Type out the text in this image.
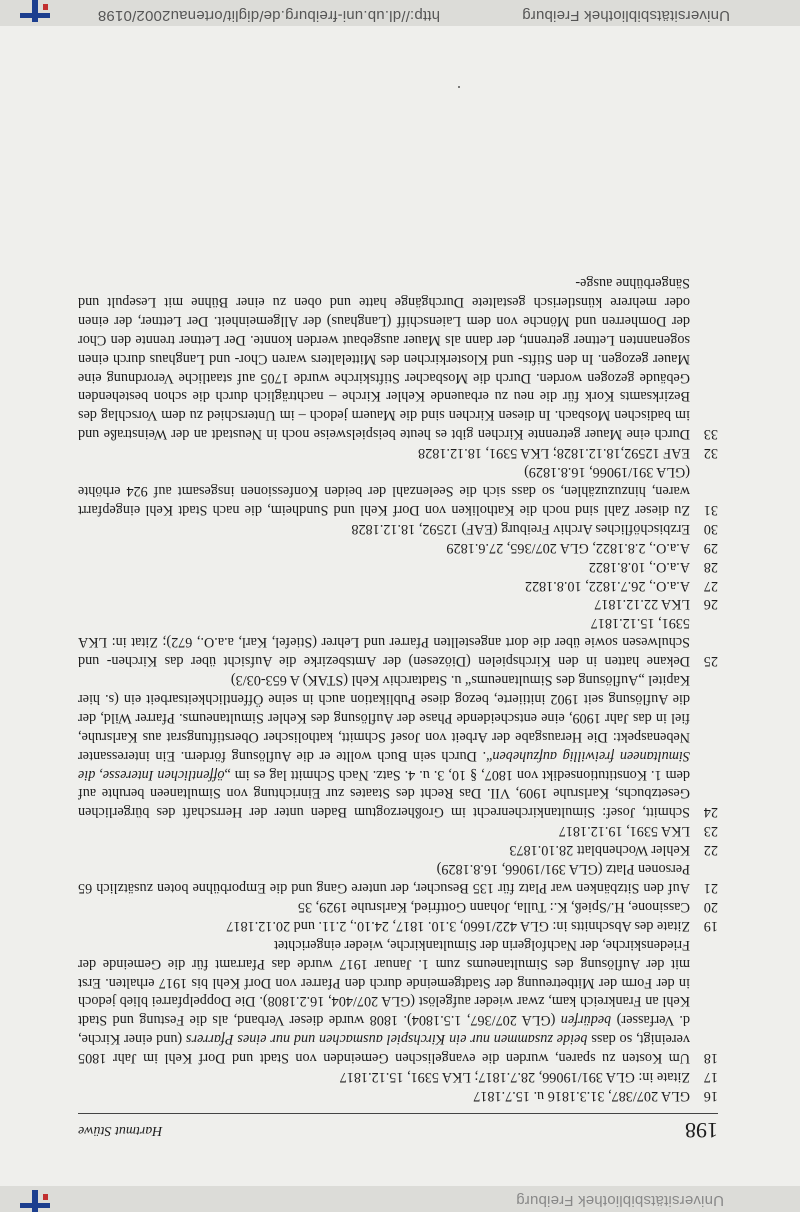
Universitätsbibliothek Freiburg
198
Hartmut Stüwe
16
GLA 207/387, 31.3.1816 u. 15.7.1817
17
Zitate in: GLA 391/19066, 28.7.1817; LKA 5391, 15.12.1817
18
Um Kosten zu sparen, wurden die evangelischen Gemeinden von Stadt und Dorf Kehl im Jahr 1805 vereinigt, so dass beide zusammen nur ein Kirchspiel ausmachen und nur eines Pfarrers (und einer Kirche, d. Verfasser) bedürfen (GLA 207/367, 1.5.1804). 1808 wurde dieser Verband, als die Festung und Stadt Kehl an Frankreich kam, zwar wieder aufgelöst (GLA 207/404, 16.2.1808). Die Doppelpfarrei blieb jedoch in der Form der Mitbetreuung der Stadtgemeinde durch den Pfarrer von Dorf Kehl bis 1917 erhalten. Erst mit der Auflösung des Simultaneums zum 1. Januar 1917 wurde das Pfarramt für die Gemeinde der Friedenskirche, der Nachfolgerin der Simultankirche, wieder eingerichtet
19
Zitate des Abschnitts in: GLA 422/1660, 3.10. 1817, 24.10., 2.11. und 20.12.1817
20
Cassinone, H./Spieß, K.: Tulla, Johann Gottfried, Karlsruhe 1929, 35
21
Auf den Sitzbänken war Platz für 135 Besucher, der untere Gang und die Emporbühne boten zusätzlich 65 Personen Platz (GLA 391/19066, 16.8.1829)
22
Kehler Wochenblatt 28.10.1873
23
LKA 5391, 19.12.1817
24
Schmitt, Josef: Simultankirchenrecht im Großherzogtum Baden unter der Herrschaft des bürgerlichen Gesetzbuchs, Karlsruhe 1909, VII. Das Recht des Staates zur Einrichtung von Simultaneen beruhte auf dem 1. Konstitutionsedikt von 1807, § 10, 3. u. 4. Satz. Nach Schmitt lag es im „öffentlichen Interesse, die Simultaneen freiwillig aufzuheben“. Durch sein Buch wollte er die Auflösung fördern. Ein interessanter Nebenaspekt: Die Herausgabe der Arbeit von Josef Schmitt, katholischer Oberstiftungsrat aus Karlsruhe, fiel in das Jahr 1909, eine entscheidende Phase der Auflösung des Kehler Simultaneums. Pfarrer Wild, der die Auflösung seit 1902 initiierte, bezog diese Publikation auch in seine Öffentlichkeitsarbeit ein (s. hier Kapitel „Auflösung des Simultaneums“ u. Stadtarchiv Kehl (STAK) A 653-03/3)
25
Dekane hatten in den Kirchspielen (Diözesen) der Amtsbezirke die Aufsicht über das Kirchen- und Schulwesen sowie über die dort angestellten Pfarrer und Lehrer (Stiefel, Karl, a.a.O., 672); Zitat in: LKA 5391, 15.12.1817
26
LKA 22.12.1817
27
A.a.O., 26.7.1822, 10.8.1822
28
A.a.O., 10.8.1822
29
A.a.O., 2.8.1822, GLA 207/365, 27.6.1829
30
Erzbischöfliches Archiv Freiburg (EAF) 12592, 18.12.1828
31
Zu dieser Zahl sind noch die Katholiken von Dorf Kehl und Sundheim, die nach Stadt Kehl eingepfarrt waren, hinzuzuzählen, so dass sich die Seelenzahl der beiden Konfessionen insgesamt auf 924 erhöhte (GLA 391/19066, 16.8.1829)
32
EAF 12592,18.12.1828; LKA 5391, 18.12.1828
33
Durch eine Mauer getrennte Kirchen gibt es heute beispielsweise noch in Neustadt an der Weinstraße und im badischen Mosbach. In diesen Kirchen sind die Mauern jedoch – im Unterschied zu dem Vorschlag des Bezirksamts Kork für die neu zu erbauende Kehler Kirche – nachträglich durch die schon bestehenden Gebäude gezogen worden. Durch die Mosbacher Stiftskirche wurde 1705 auf staatliche Verordnung eine Mauer gezogen. In den Stifts- und Klosterkirchen des Mittelalters waren Chor- und Langhaus durch einen sogenannten Lettner getrennt, der dann als Mauer ausgebaut werden konnte. Der Lettner trennte den Chor der Domherren und Mönche von dem Laienschiff (Langhaus) der Allgemeinheit. Der Lettner, der einen oder mehrere künstlerisch gestaltete Durchgänge hatte und oben zu einer Bühne mit Lesepult und Sängerbühne ausge-
Universitätsbibliothek Freiburg
http://dl.ub.uni-freiburg.de/diglit/ortenau2002/0198
